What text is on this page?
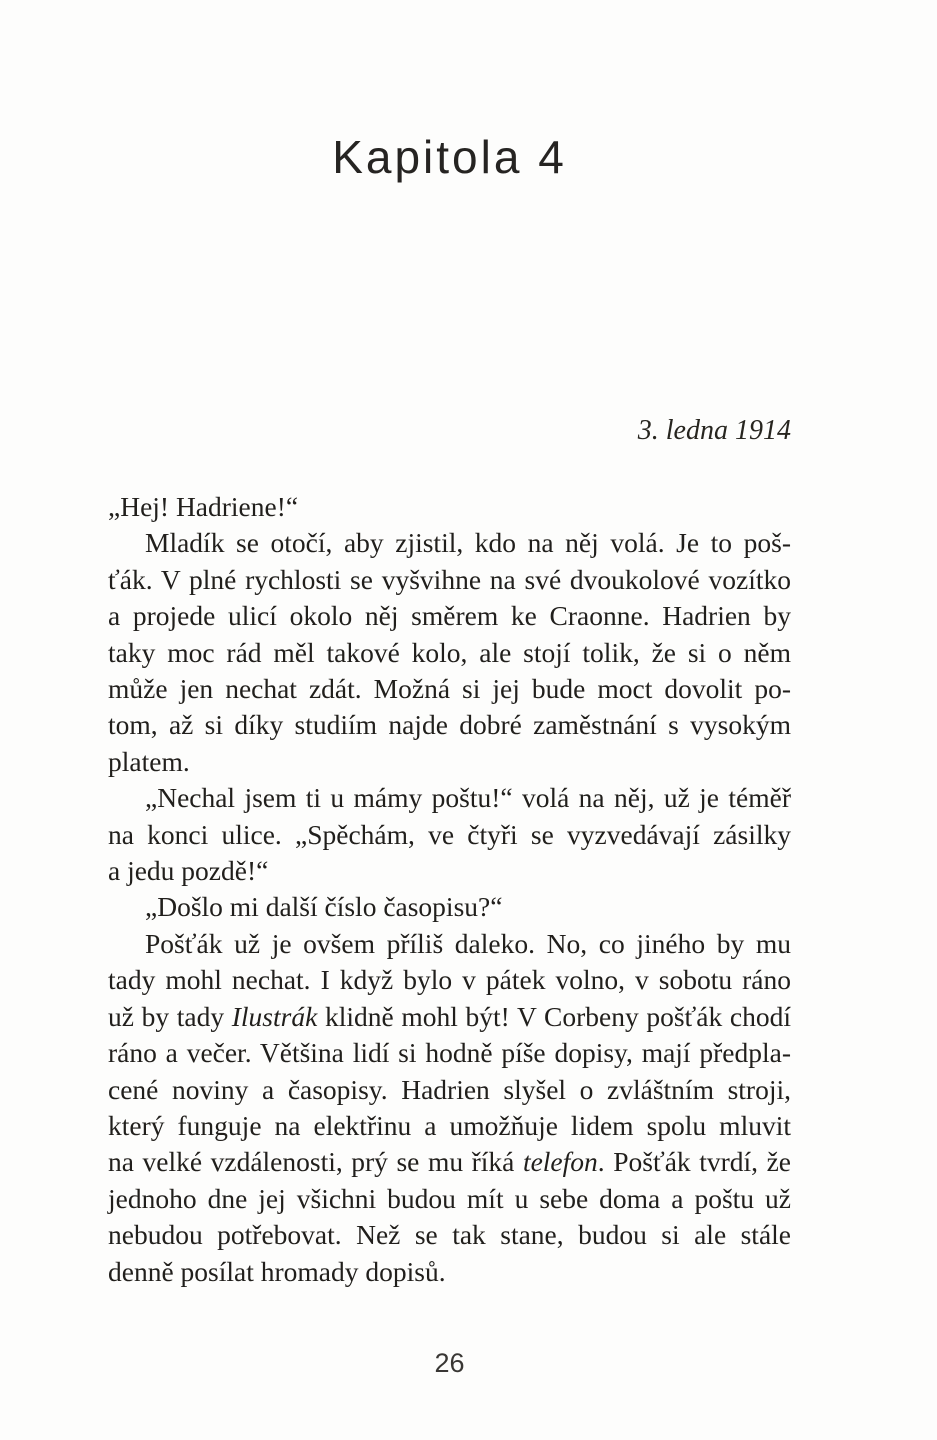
Kapitola 4
3. ledna 1914
„Hej! Hadriene!“
Mladík se otočí, aby zjistil, kdo na něj volá. Je to poš-
ťák. V plné rychlosti se vyšvihne na své dvoukolové vozítko
a projede ulicí okolo něj směrem ke Craonne. Hadrien by
taky moc rád měl takové kolo, ale stojí tolik, že si o něm
může jen nechat zdát. Možná si jej bude moct dovolit po-
tom, až si díky studiím najde dobré zaměstnání s vysokým
platem.
„Nechal jsem ti u mámy poštu!“ volá na něj, už je téměř
na konci ulice. „Spěchám, ve čtyři se vyzvedávají zásilky
a jedu pozdě!“
„Došlo mi další číslo časopisu?“
Pošťák už je ovšem příliš daleko. No, co jiného by mu
tady mohl nechat. I když bylo v pátek volno, v sobotu ráno
už by tady Ilustrák klidně mohl být! V Corbeny pošťák chodí
ráno a večer. Většina lidí si hodně píše dopisy, mají předpla-
cené noviny a časopisy. Hadrien slyšel o zvláštním stroji,
který funguje na elektřinu a umožňuje lidem spolu mluvit
na velké vzdálenosti, prý se mu říká telefon. Pošťák tvrdí, že
jednoho dne jej všichni budou mít u sebe doma a poštu už
nebudou potřebovat. Než se tak stane, budou si ale stále
denně posílat hromady dopisů.
26
